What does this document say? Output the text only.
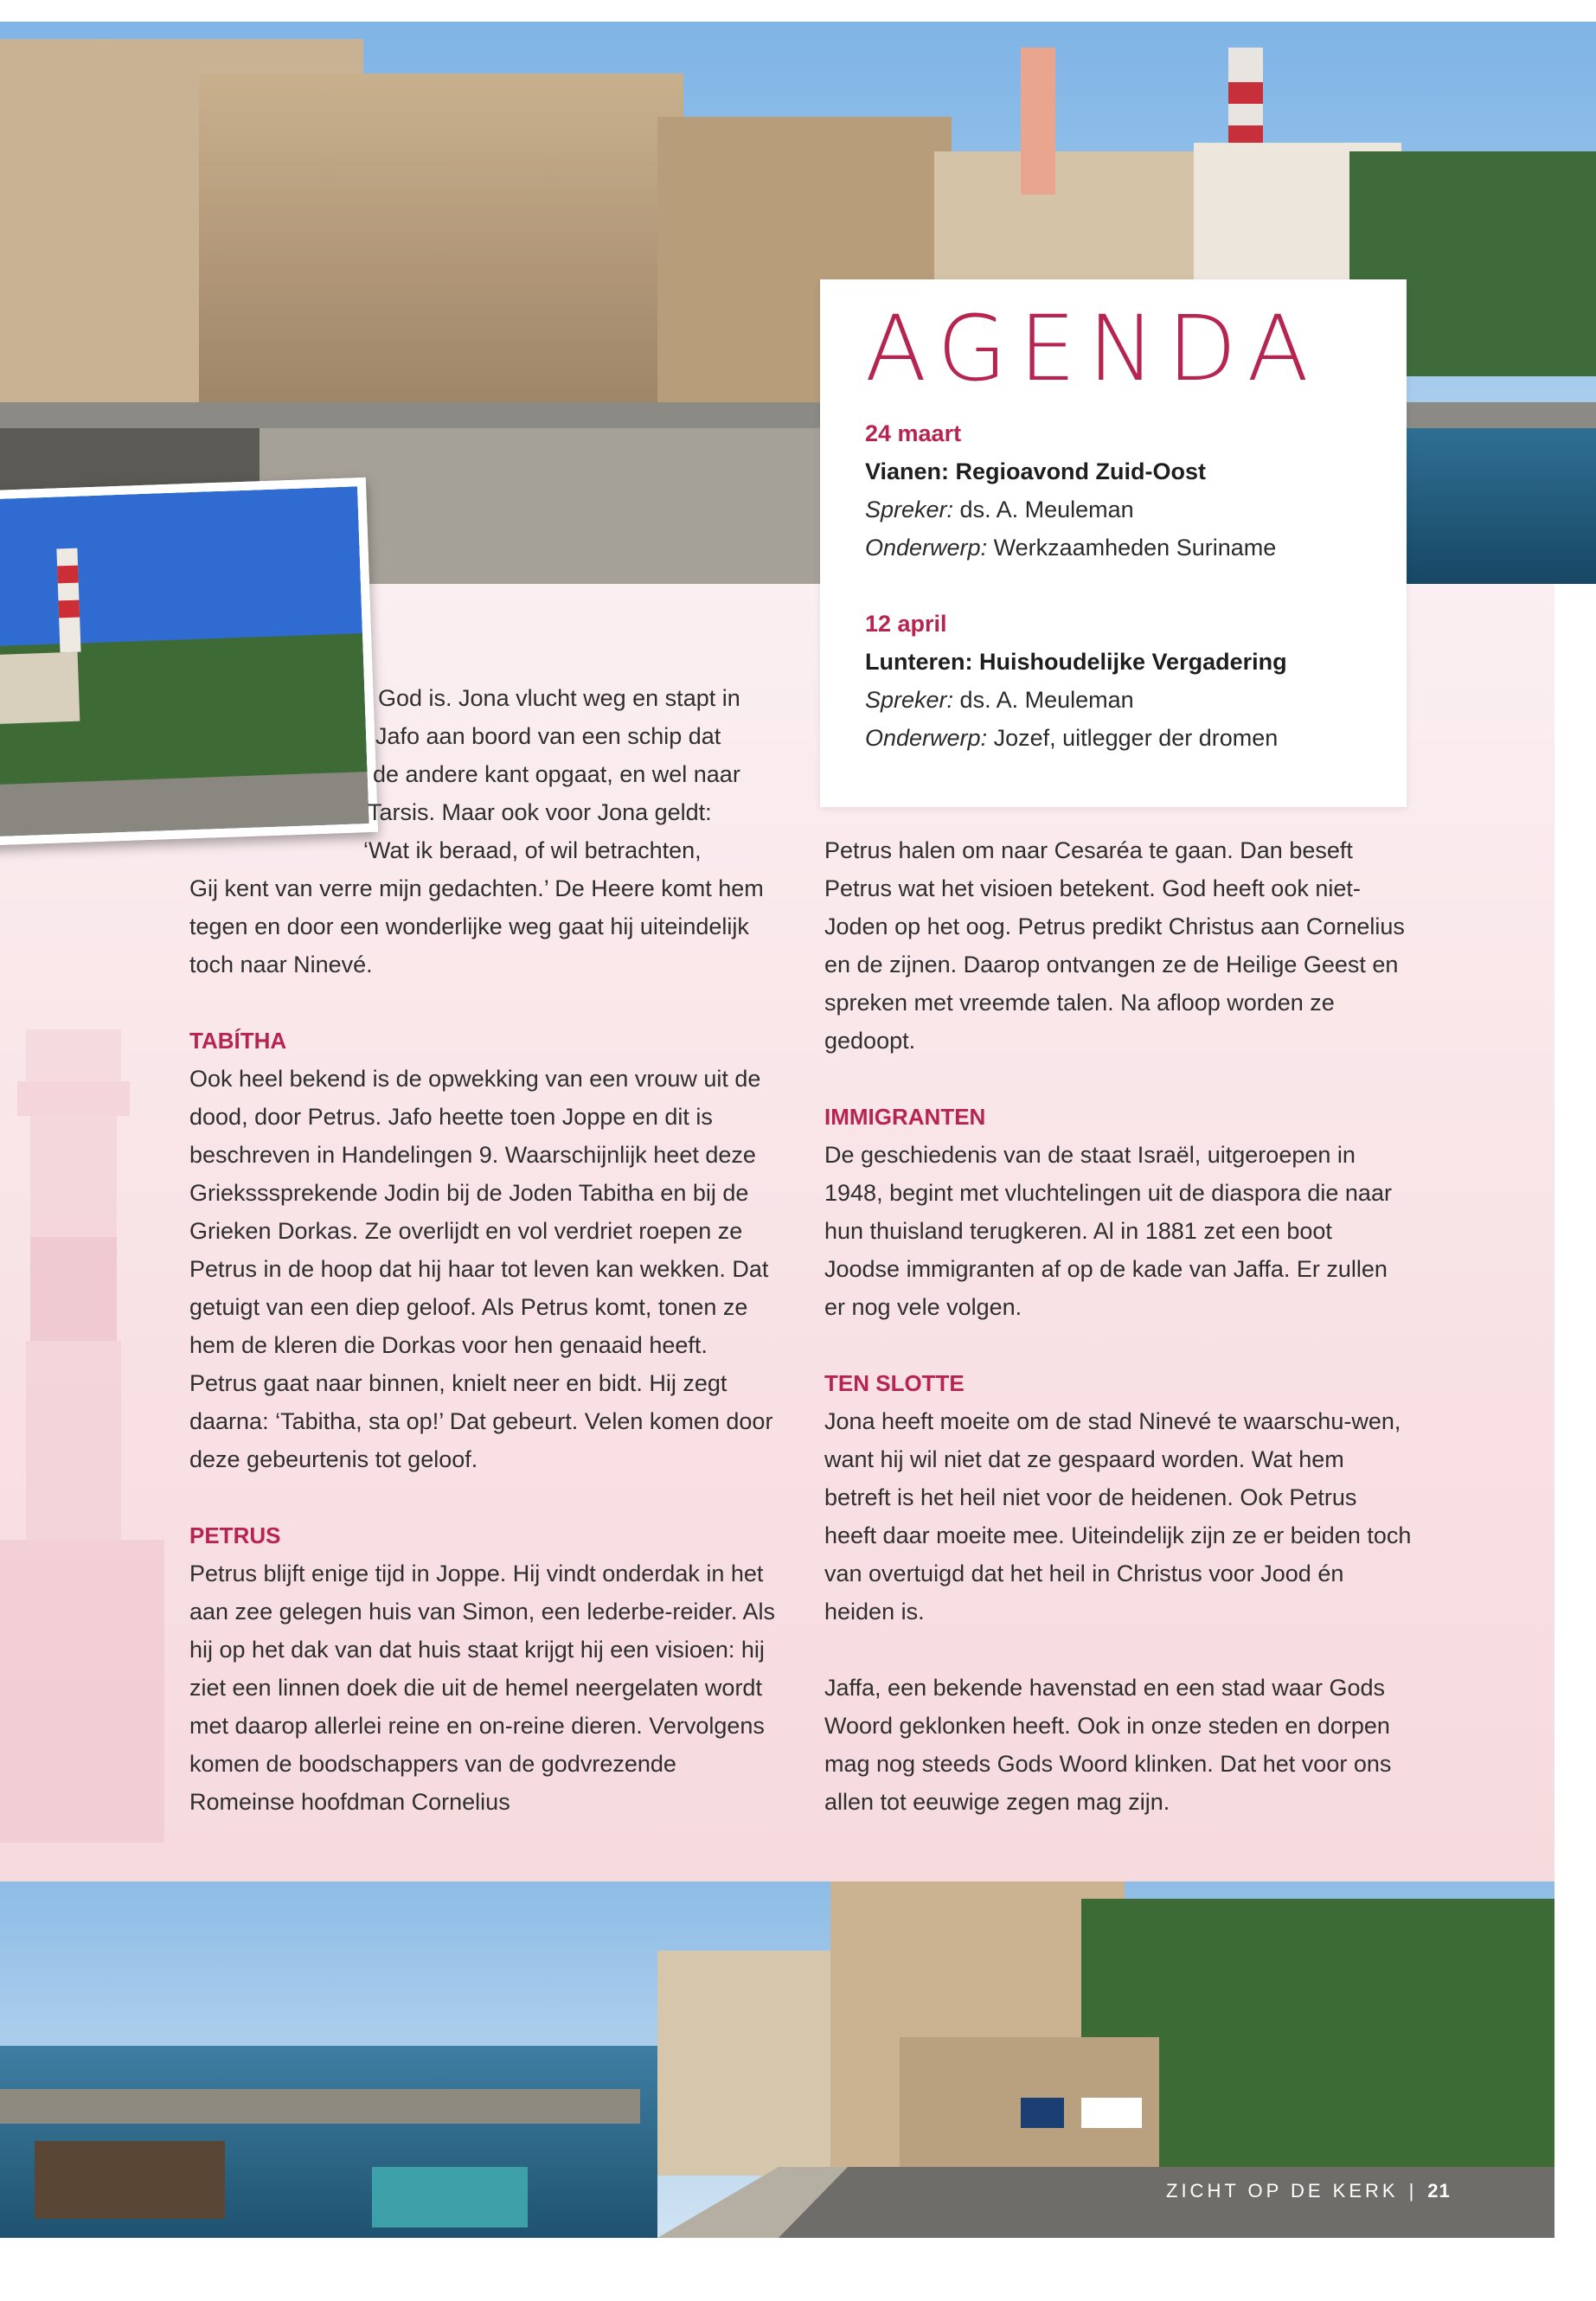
AGENDA
24 maart
Vianen: Regioavond Zuid-Oost
Spreker: ds. A. Meuleman
Onderwerp: Werkzaamheden Suriname
12 april
Lunteren: Huishoudelijke Vergadering
Spreker: ds. A. Meuleman
Onderwerp: Jozef, uitlegger der dromen
God is. Jona vlucht weg en stapt in
Jafo aan boord van een schip dat
de andere kant opgaat, en wel naar
Tarsis. Maar ook voor Jona geldt:
‘Wat ik beraad, of wil betrachten,

Gij kent van verre mijn gedachten.’ De Heere komt hem tegen en door een wonderlijke weg gaat hij uiteindelijk toch naar Ninevé.

TABÍTHA

Ook heel bekend is de opwekking van een vrouw uit de dood, door Petrus. Jafo heette toen Joppe en dit is beschreven in Handelingen 9. Waarschijnlijk heet deze Grieksssprekende Jodin bij de Joden Tabitha en bij de Grieken Dorkas. Ze overlijdt en vol verdriet roepen ze Petrus in de hoop dat hij haar tot leven kan wekken. Dat getuigt van een diep geloof. Als Petrus komt, tonen ze hem de kleren die Dorkas voor hen genaaid heeft. Petrus gaat naar binnen, knielt neer en bidt. Hij zegt daarna: ‘Tabitha, sta op!’ Dat gebeurt. Velen komen door deze gebeurtenis tot geloof.

PETRUS

Petrus blijft enige tijd in Joppe. Hij vindt onderdak in het aan zee gelegen huis van Simon, een lederbe-reider. Als hij op het dak van dat huis staat krijgt hij een visioen: hij ziet een linnen doek die uit de hemel neergelaten wordt met daarop allerlei reine en on-reine dieren. Vervolgens komen de boodschappers van de godvrezende Romeinse hoofdman Cornelius

Petrus halen om naar Cesaréa te gaan. Dan beseft Petrus wat het visioen betekent. God heeft ook niet-Joden op het oog. Petrus predikt Christus aan Cornelius en de zijnen. Daarop ontvangen ze de Heilige Geest en spreken met vreemde talen. Na afloop worden ze gedoopt.

IMMIGRANTEN

De geschiedenis van de staat Israël, uitgeroepen in 1948, begint met vluchtelingen uit de diaspora die naar hun thuisland terugkeren. Al in 1881 zet een boot Joodse immigranten af op de kade van Jaffa. Er zullen er nog vele volgen.

TEN SLOTTE

Jona heeft moeite om de stad Ninevé te waarschu-wen, want hij wil niet dat ze gespaard worden. Wat hem betreft is het heil niet voor de heidenen. Ook Petrus heeft daar moeite mee. Uiteindelijk zijn ze er beiden toch van overtuigd dat het heil in Christus voor Jood én heiden is.

Jaffa, een bekende havenstad en een stad waar Gods Woord geklonken heeft. Ook in onze steden en dorpen mag nog steeds Gods Woord klinken. Dat het voor ons allen tot eeuwige zegen mag zijn.

ZICHT OP DE KERK | 21
